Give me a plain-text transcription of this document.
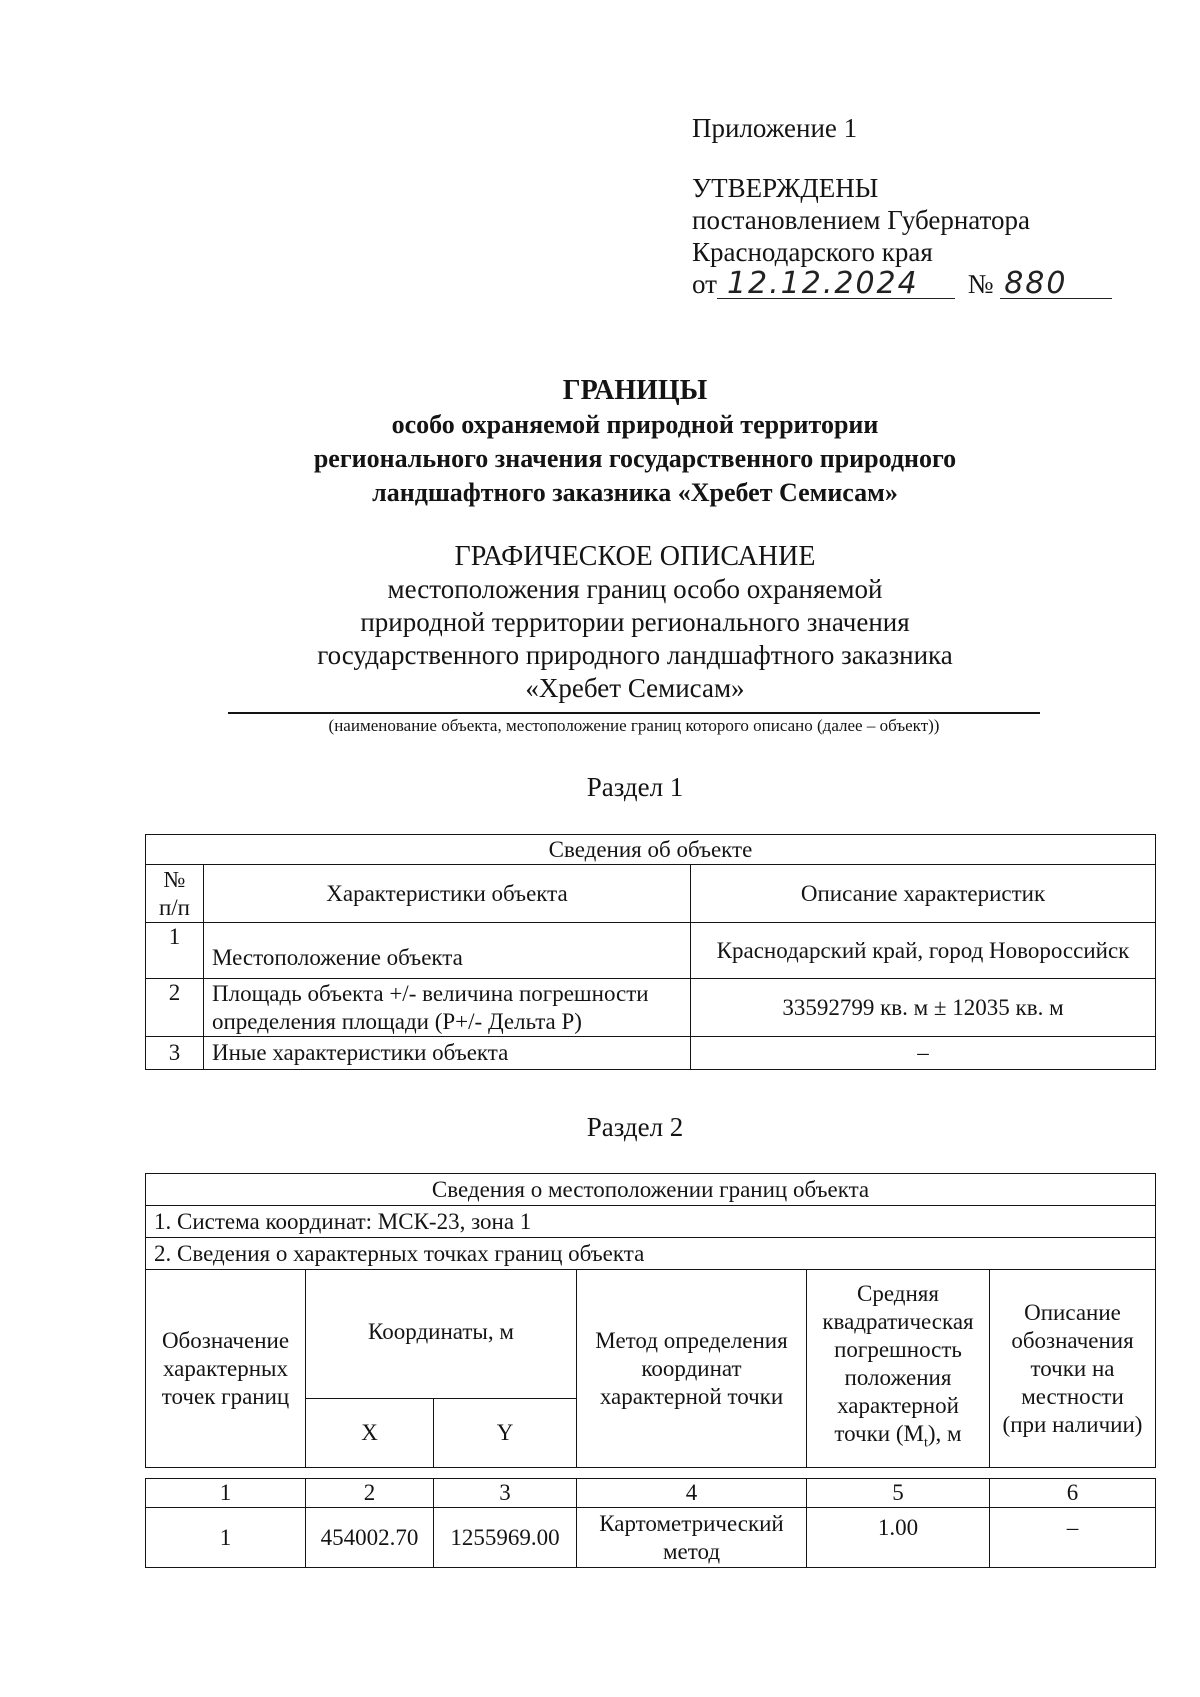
Приложение 1
УТВЕРЖДЕНЫ
постановлением Губернатора
Краснодарского края
от 12.12.2024 № 880
ГРАНИЦЫ
особо охраняемой природной территории
регионального значения государственного природного
ландшафтного заказника «Хребет Семисам»
ГРАФИЧЕСКОЕ ОПИСАНИЕ
местоположения границ особо охраняемой
природной территории регионального значения
государственного природного ландшафтного заказника
«Хребет Семисам»
(наименование объекта, местоположение границ которого описано (далее – объект))
Раздел 1
Сведения об объекте		
№ п/п	Характеристики объекта	Описание характеристик
1	Местоположение объекта	Краснодарский край, город Новороссийск
2	Площадь объекта +/- величина погрешности определения площади (P+/- Дельта P)	33592799 кв. м ± 12035 кв. м
3	Иные характеристики объекта	–
Раздел 2
Сведения о местоположении границ объекта					
1. Система координат: МСК-23, зона 1					
2. Сведения о характерных точках границ объекта					
Обозначение характерных точек границ	Координаты, м		Метод определения координат характерной точки	Средняя квадратическая погрешность положения характерной точки $(M_t)$, м	Описание обозначения точки на местности (при наличии)
	X	Y			
1	2	3	4	5	6
1	454002.70	1255969.00	Картометрический метод	1.00	–
